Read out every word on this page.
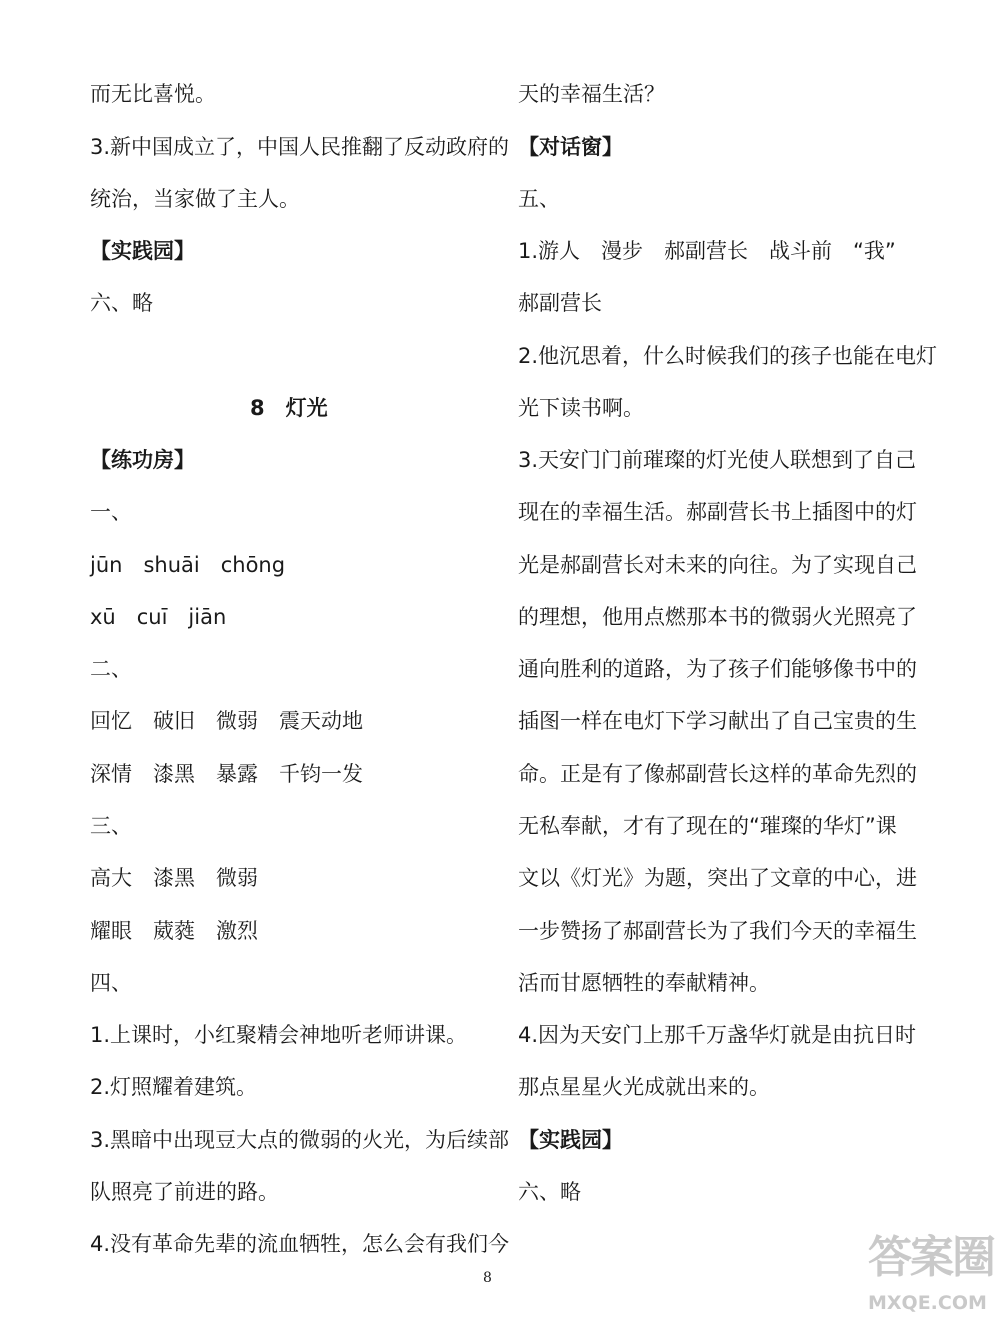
而无比喜悦。
3.新中国成立了，中国人民推翻了反动政府的
统治，当家做了主人。
【实践园】
六、略
【练功房】
一、
jūn　shuāi　chōng
xū　cuī　jiān
二、
回忆　破旧　微弱　震天动地
深情　漆黑　暴露　千钧一发
三、
高大　漆黑　微弱
耀眼　葳蕤　激烈
四、
1.上课时，小红聚精会神地听老师讲课。
2.灯照耀着建筑。
3.黑暗中出现豆大点的微弱的火光，为后续部
队照亮了前进的路。
4.没有革命先辈的流血牺牲，怎么会有我们今
8　灯光
天的幸福生活？
【对话窗】
五、
1.游人　漫步　郝副营长　战斗前　“我”
郝副营长
2.他沉思着，什么时候我们的孩子也能在电灯
光下读书啊。
3.天安门门前璀璨的灯光使人联想到了自己
现在的幸福生活。郝副营长书上插图中的灯
光是郝副营长对未来的向往。为了实现自己
的理想，他用点燃那本书的微弱火光照亮了
通向胜利的道路，为了孩子们能够像书中的
插图一样在电灯下学习献出了自己宝贵的生
命。正是有了像郝副营长这样的革命先烈的
无私奉献，才有了现在的“璀璨的华灯”课
文以《灯光》为题，突出了文章的中心，进
一步赞扬了郝副营长为了我们今天的幸福生
活而甘愿牺牲的奉献精神。
4.因为天安门上那千万盏华灯就是由抗日时
那点星星火光成就出来的。
【实践园】
六、略
8	答案圈
MXQE.COM
